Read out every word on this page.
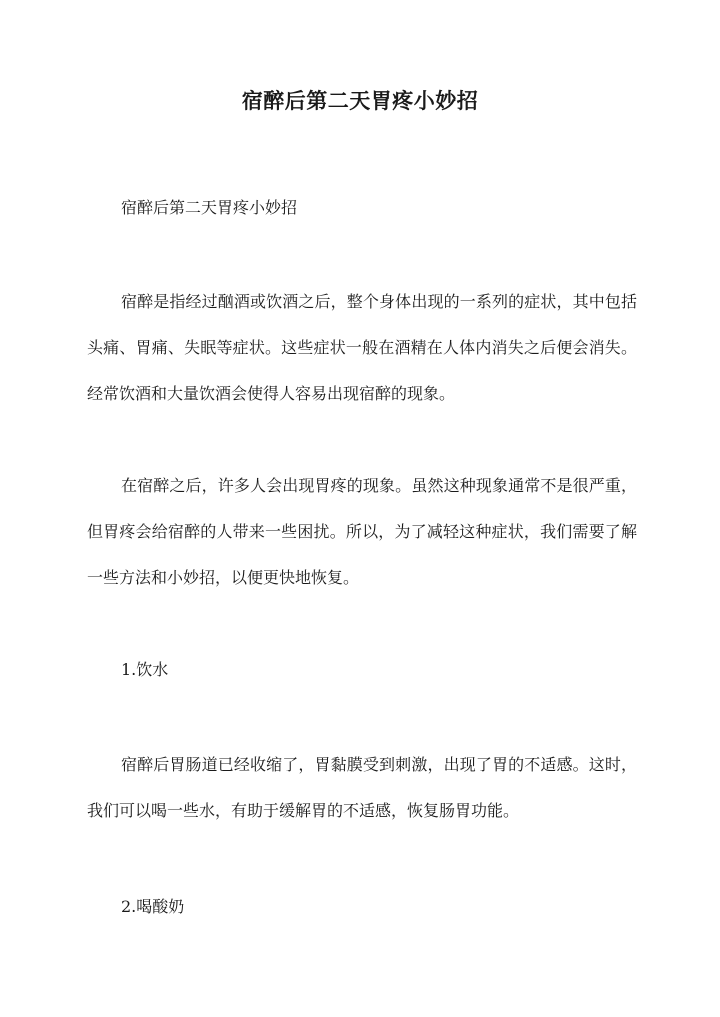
宿醉后第二天胃疼小妙招

宿醉后第二天胃疼小妙招

宿醉是指经过酗酒或饮酒之后，整个身体出现的一系列的症状，其中包括头痛、胃痛、失眠等症状。这些症状一般在酒精在人体内消失之后便会消失。经常饮酒和大量饮酒会使得人容易出现宿醉的现象。

在宿醉之后，许多人会出现胃疼的现象。虽然这种现象通常不是很严重，但胃疼会给宿醉的人带来一些困扰。所以，为了减轻这种症状，我们需要了解一些方法和小妙招，以便更快地恢复。

1.饮水

宿醉后胃肠道已经收缩了，胃黏膜受到刺激，出现了胃的不适感。这时，我们可以喝一些水，有助于缓解胃的不适感，恢复肠胃功能。

2.喝酸奶
